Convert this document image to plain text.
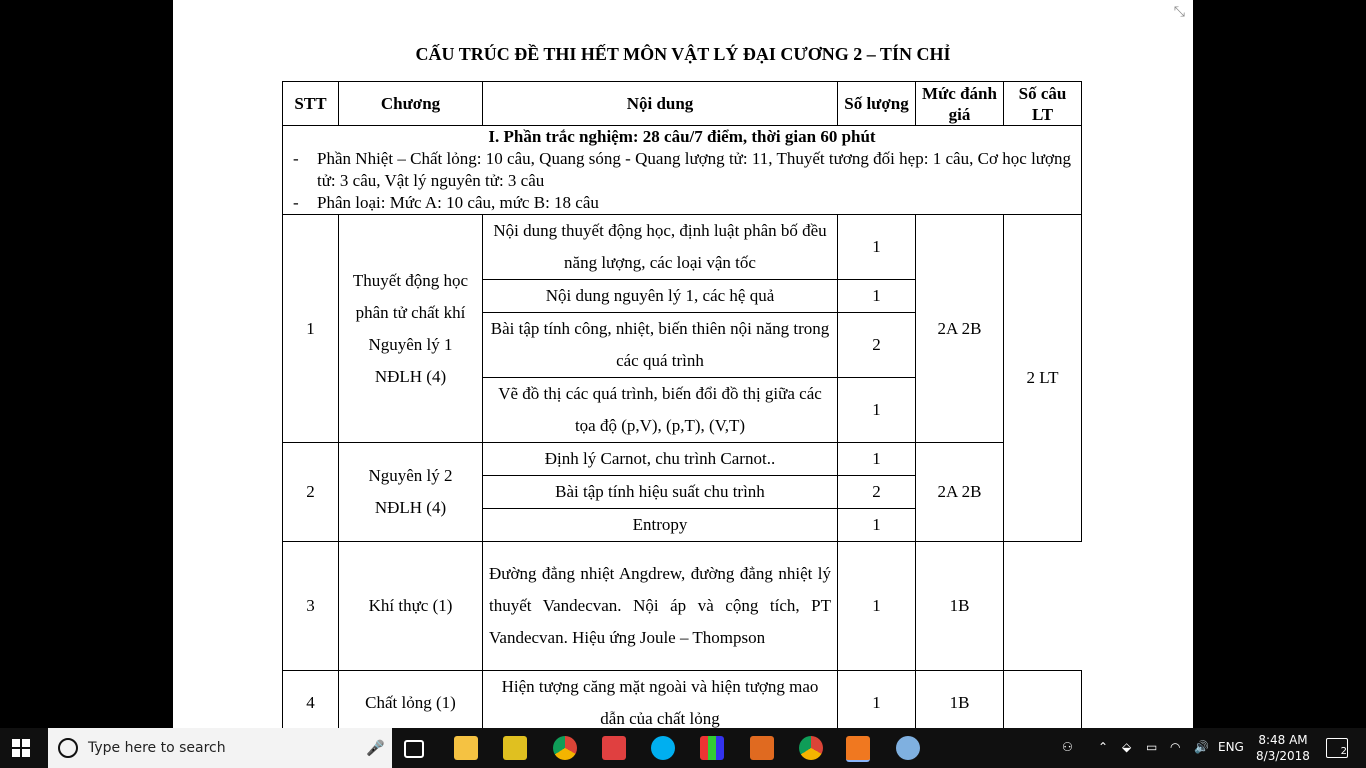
⤡
CẤU TRÚC ĐỀ THI HẾT MÔN VẬT LÝ ĐẠI CƯƠNG 2 – TÍN CHỈ
STT	Chương	Nội dung	Số lượng	Mức đánh giá	Số câu LT

I. Phần trắc nghiệm: 28 câu/7 điểm, thời gian 60 phút
- Phần Nhiệt – Chất lỏng: 10 câu, Quang sóng - Quang lượng tử: 11, Thuyết tương đối hẹp: 1 câu, Cơ học lượng tử: 3 câu, Vật lý nguyên tử: 3 câu
- Phân loại: Mức A: 10 câu, mức B: 18 câu					

1	Thuyết động học phân tử chất khí Nguyên lý 1 NĐLH (4)	Nội dung thuyết động học, định luật phân bố đều năng lượng, các loại vận tốc	1	2A 2B	2 LT
		Nội dung nguyên lý 1, các hệ quả	1		
		Bài tập tính công, nhiệt, biến thiên nội năng trong các quá trình	2		
		Vẽ đồ thị các quá trình, biến đổi đồ thị giữa các tọa độ (p,V), (p,T), (V,T)	1		
2	Nguyên lý 2 NĐLH (4)	Định lý Carnot, chu trình Carnot..	1	2A 2B	
		Bài tập tính hiệu suất chu trình	2		
		Entropy	1		
3	Khí thực (1)	Đường đẳng nhiệt Angdrew, đường đẳng nhiệt lý thuyết Vandecvan. Nội áp và cộng tích, PT Vandecvan. Hiệu ứng Joule – Thompson	1	1B	
4	Chất lỏng (1)	Hiện tượng căng mặt ngoài và hiện tượng mao dẫn của chất lỏng	1	1B	
Type here to search	🎤	⚇ ⌃ ⬙ ▭ ◠ 🔊 ENG	8:48 AM
8/3/2018	2
